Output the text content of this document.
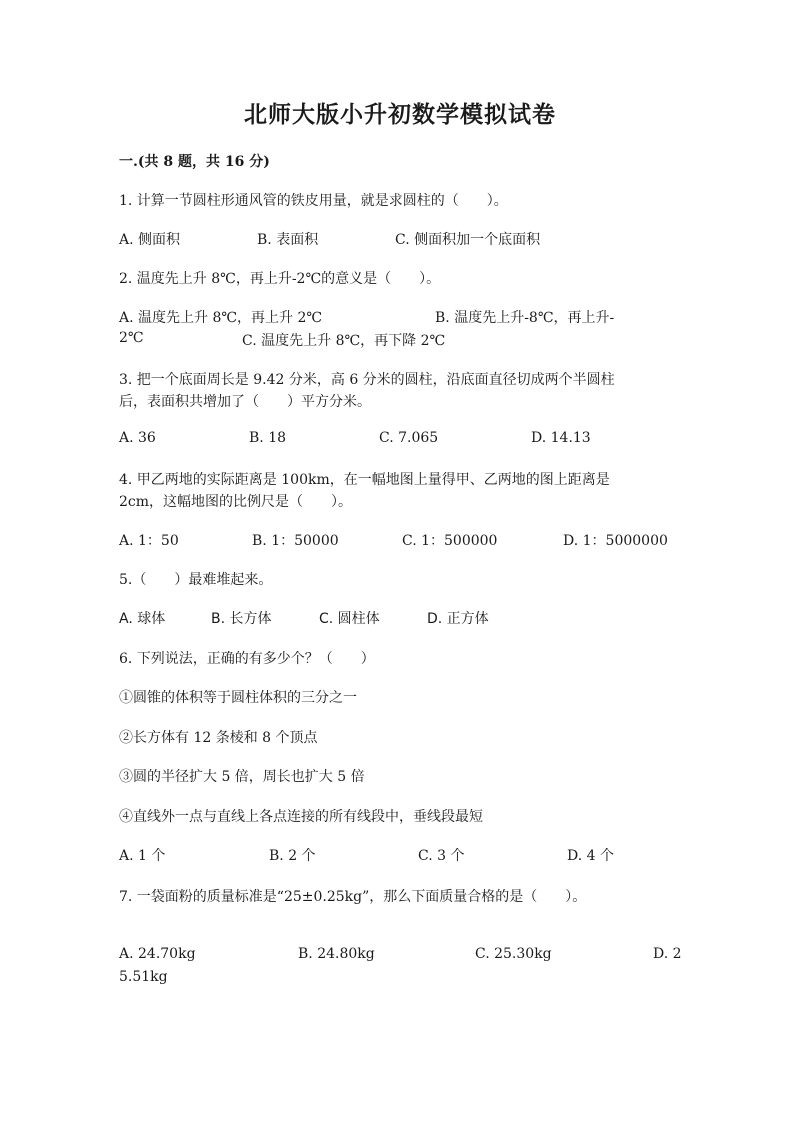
北师大版小升初数学模拟试卷
一.(共 8 题，共 16 分)
1. 计算一节圆柱形通风管的铁皮用量，就是求圆柱的（　　）。
A. 侧面积	B. 表面积	C. 侧面积加一个底面积
2. 温度先上升 8℃，再上升-2℃的意义是（　　）。
A. 温度先上升 8℃，再上升 2℃	B. 温度先上升-8℃，再上升-
2℃	C. 温度先上升 8℃，再下降 2℃
3. 把一个底面周长是 9.42 分米，高 6 分米的圆柱，沿底面直径切成两个半圆柱
后，表面积共增加了（　　）平方分米。
A. 36	B. 18	C. 7.065	D. 14.13
4. 甲乙两地的实际距离是 100km，在一幅地图上量得甲、乙两地的图上距离是
2cm，这幅地图的比例尺是（　　）。
A. 1：50	B. 1：50000	C. 1：500000	D. 1：5000000
5.（　　）最难堆起来。
A. 球体	B. 长方体	C. 圆柱体	D. 正方体
6. 下列说法，正确的有多少个？（　　）
①圆锥的体积等于圆柱体积的三分之一
②长方体有 12 条棱和 8 个顶点
③圆的半径扩大 5 倍，周长也扩大 5 倍
④直线外一点与直线上各点连接的所有线段中，垂线段最短
A. 1 个	B. 2 个	C. 3 个	D. 4 个
7. 一袋面粉的质量标准是“25±0.25kg”，那么下面质量合格的是（　　）。
A. 24.70kg	B. 24.80kg	C. 25.30kg	D. 2
5.51kg
